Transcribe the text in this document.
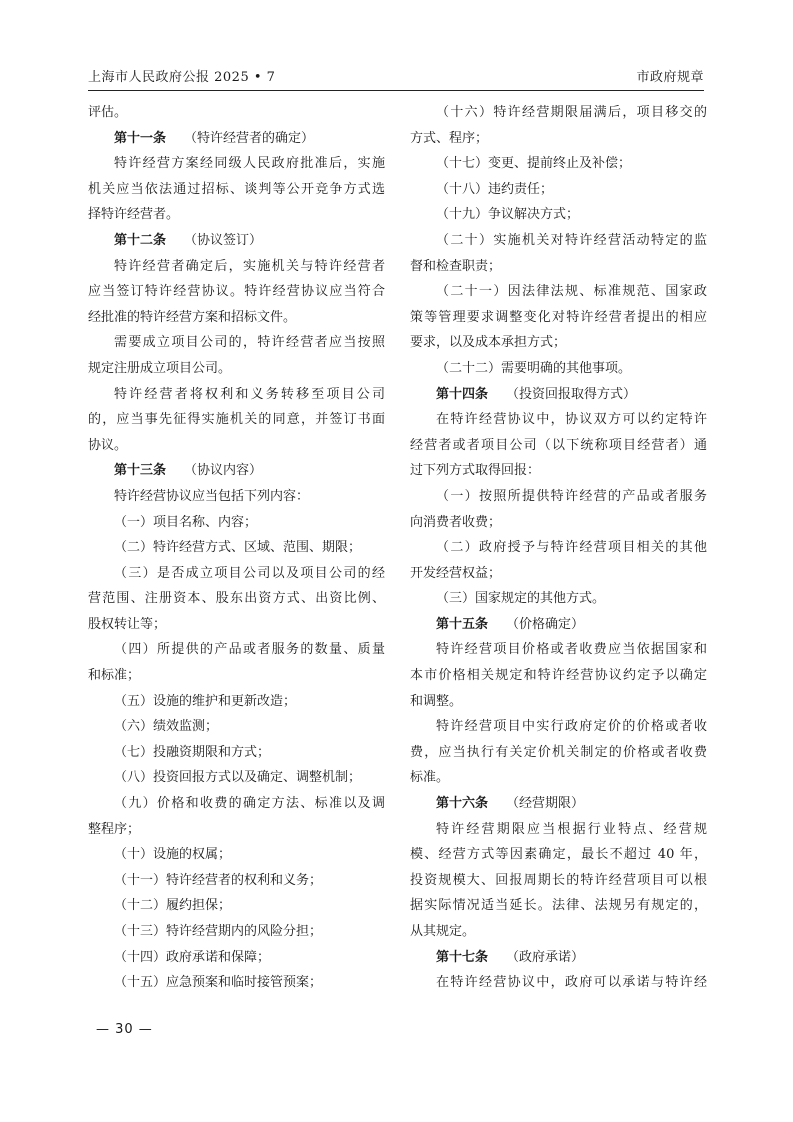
上海市人民政府公报 2025 • 7	市政府规章
评估。
第十一条 （特许经营者的确定）
特许经营方案经同级人民政府批准后，实施
机关应当依法通过招标、谈判等公开竞争方式选
择特许经营者。
第十二条 （协议签订）
特许经营者确定后，实施机关与特许经营者
应当签订特许经营协议。特许经营协议应当符合
经批准的特许经营方案和招标文件。
需要成立项目公司的，特许经营者应当按照
规定注册成立项目公司。
特许经营者将权利和义务转移至项目公司
的，应当事先征得实施机关的同意，并签订书面
协议。
第十三条 （协议内容）
特许经营协议应当包括下列内容：
（一）项目名称、内容；
（二）特许经营方式、区域、范围、期限；
（三）是否成立项目公司以及项目公司的经
营范围、注册资本、股东出资方式、出资比例、
股权转让等；
（四）所提供的产品或者服务的数量、质量
和标准；
（五）设施的维护和更新改造；
（六）绩效监测；
（七）投融资期限和方式；
（八）投资回报方式以及确定、调整机制；
（九）价格和收费的确定方法、标准以及调
整程序；
（十）设施的权属；
（十一）特许经营者的权利和义务；
（十二）履约担保；
（十三）特许经营期内的风险分担；
（十四）政府承诺和保障；
（十五）应急预案和临时接管预案；
（十六）特许经营期限届满后，项目移交的
方式、程序；
（十七）变更、提前终止及补偿；
（十八）违约责任；
（十九）争议解决方式；
（二十）实施机关对特许经营活动特定的监
督和检查职责；
（二十一）因法律法规、标准规范、国家政
策等管理要求调整变化对特许经营者提出的相应
要求，以及成本承担方式；
（二十二）需要明确的其他事项。
第十四条 （投资回报取得方式）
在特许经营协议中，协议双方可以约定特许
经营者或者项目公司（以下统称项目经营者）通
过下列方式取得回报：
（一）按照所提供特许经营的产品或者服务
向消费者收费；
（二）政府授予与特许经营项目相关的其他
开发经营权益；
（三）国家规定的其他方式。
第十五条 （价格确定）
特许经营项目价格或者收费应当依据国家和
本市价格相关规定和特许经营协议约定予以确定
和调整。
特许经营项目中实行政府定价的价格或者收
费，应当执行有关定价机关制定的价格或者收费
标准。
第十六条 （经营期限）
特许经营期限应当根据行业特点、经营规
模、经营方式等因素确定，最长不超过 40 年，
投资规模大、回报周期长的特许经营项目可以根
据实际情况适当延长。法律、法规另有规定的，
从其规定。
第十七条 （政府承诺）
在特许经营协议中，政府可以承诺与特许经
— 30 —
